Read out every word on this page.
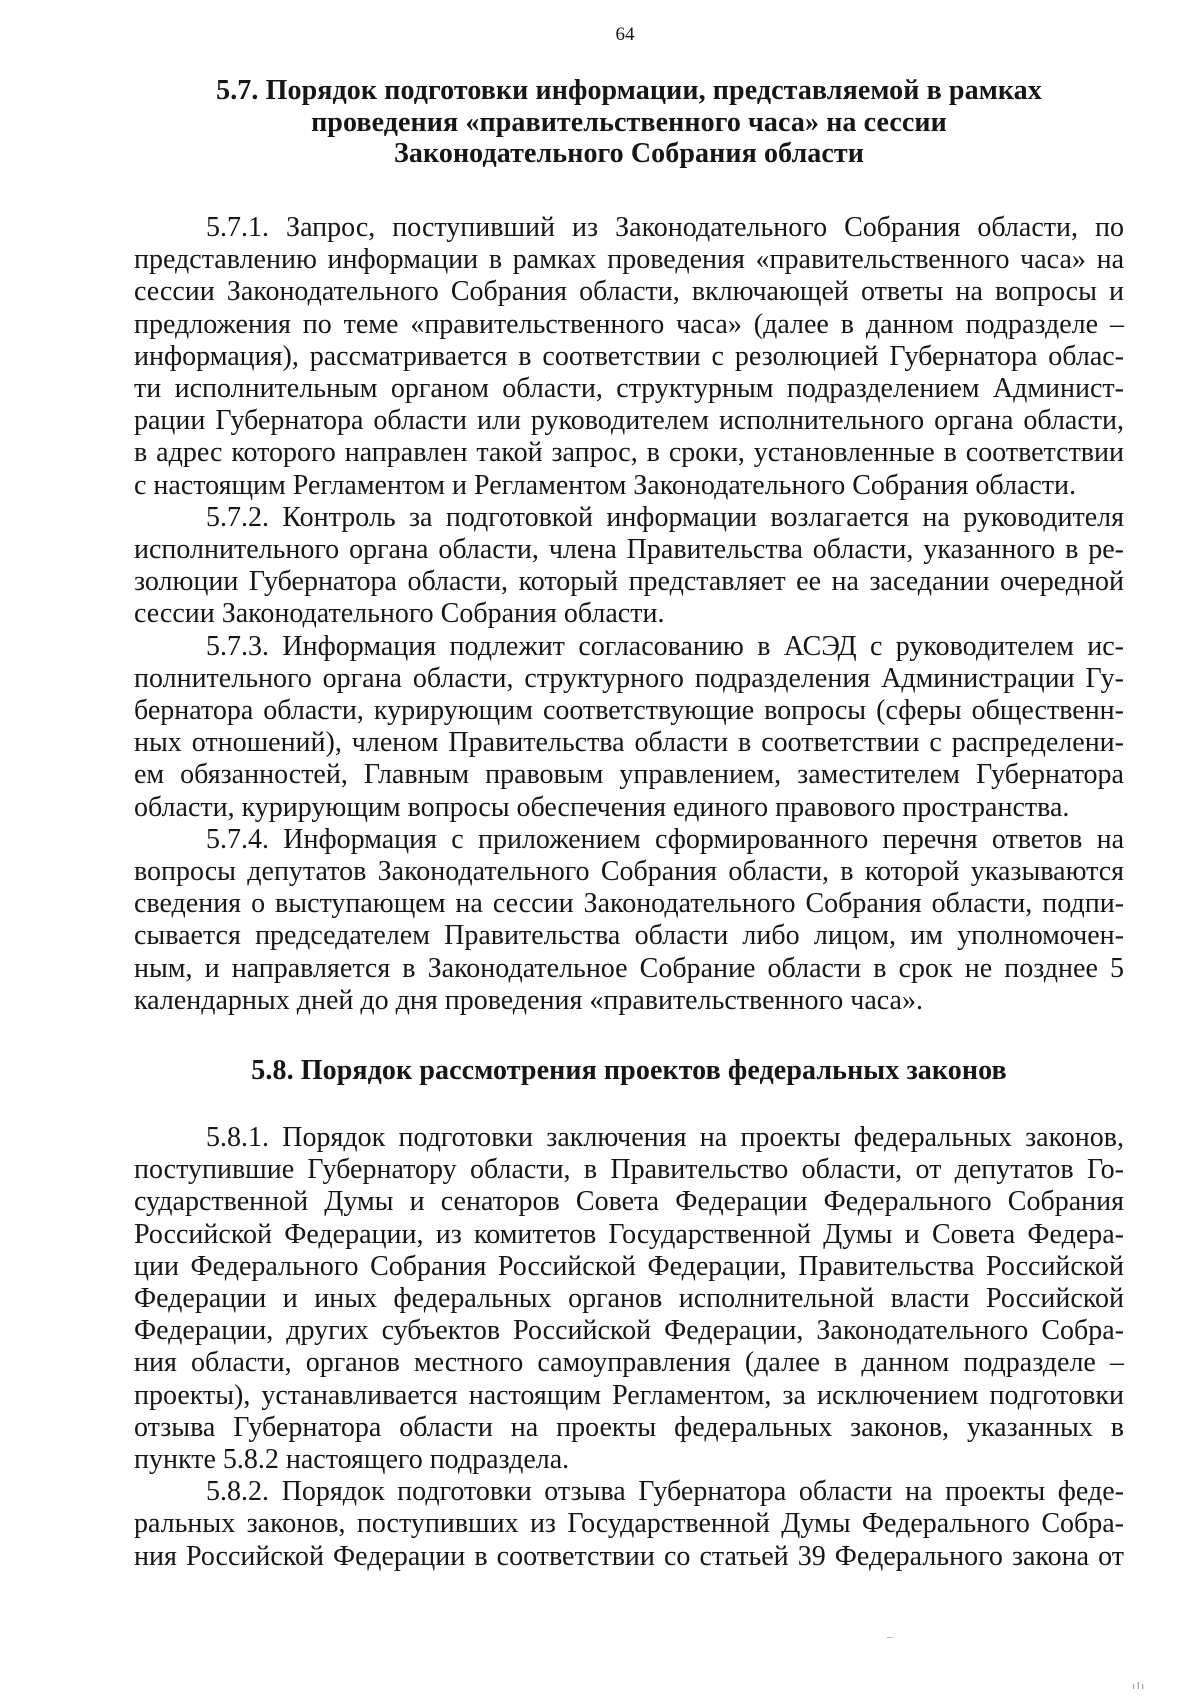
64
5.7. Порядок подготовки информации, представляемой в рамках
проведения «правительственного часа» на сессии
Законодательного Собрания области

5.7.1. Запрос, поступивший из Законодательного Собрания области, по
представлению информации в рамках проведения «правительственного часа» на
сессии Законодательного Собрания области, включающей ответы на вопросы и
предложения по теме «правительственного часа» (далее в данном подразделе –
информация), рассматривается в соответствии с резолюцией Губернатора облас-
ти исполнительным органом области, структурным подразделением Админист-
рации Губернатора области или руководителем исполнительного органа области,
в адрес которого направлен такой запрос, в сроки, установленные в соответствии
с настоящим Регламентом и Регламентом Законодательного Собрания области.

5.7.2. Контроль за подготовкой информации возлагается на руководителя
исполнительного органа области, члена Правительства области, указанного в ре-
золюции Губернатора области, который представляет ее на заседании очередной
сессии Законодательного Собрания области.

5.7.3. Информация подлежит согласованию в АСЭД с руководителем ис-
полнительного органа области, структурного подразделения Администрации Гу-
бернатора области, курирующим соответствующие вопросы (сферы общественн-
ных отношений), членом Правительства области в соответствии с распределени-
ем обязанностей, Главным правовым управлением, заместителем Губернатора
области, курирующим вопросы обеспечения единого правового пространства.

5.7.4. Информация с приложением сформированного перечня ответов на
вопросы депутатов Законодательного Собрания области, в которой указываются
сведения о выступающем на сессии Законодательного Собрания области, подпи-
сывается председателем Правительства области либо лицом, им уполномочен-
ным, и направляется в Законодательное Собрание области в срок не позднее 5
календарных дней до дня проведения «правительственного часа».

5.8. Порядок рассмотрения проектов федеральных законов

5.8.1. Порядок подготовки заключения на проекты федеральных законов,
поступившие Губернатору области, в Правительство области, от депутатов Го-
сударственной Думы и сенаторов Совета Федерации Федерального Собрания
Российской Федерации, из комитетов Государственной Думы и Совета Федера-
ции Федерального Собрания Российской Федерации, Правительства Российской
Федерации и иных федеральных органов исполнительной власти Российской
Федерации, других субъектов Российской Федерации, Законодательного Собра-
ния области, органов местного самоуправления (далее в данном подразделе –
проекты), устанавливается настоящим Регламентом, за исключением подготовки
отзыва Губернатора области на проекты федеральных законов, указанных в
пункте 5.8.2 настоящего подраздела.

5.8.2. Порядок подготовки отзыва Губернатора области на проекты феде-
ральных законов, поступивших из Государственной Думы Федерального Собра-
ния Российской Федерации в соответствии со статьей 39 Федерального закона от

ılı
